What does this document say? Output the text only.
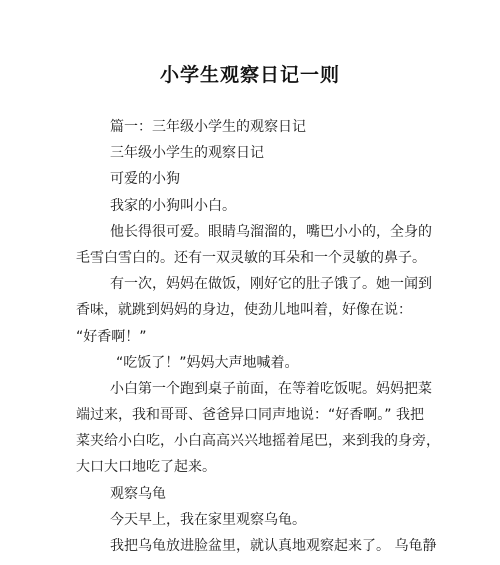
小学生观察日记一则
篇一：三年级小学生的观察日记
三年级小学生的观察日记
可爱的小狗
我家的小狗叫小白。
他长得很可爱。眼睛乌溜溜的，嘴巴小小的，全身的
毛雪白雪白的。还有一双灵敏的耳朵和一个灵敏的鼻子。
有一次，妈妈在做饭，刚好它的肚子饿了。她一闻到
香味，就跳到妈妈的身边，使劲儿地叫着，好像在说：
“好香啊！”
“吃饭了！”妈妈大声地喊着。
小白第一个跑到桌子前面，在等着吃饭呢。妈妈把菜
端过来，我和哥哥、爸爸异口同声地说：“好香啊。” 我把
菜夹给小白吃，小白高高兴兴地摇着尾巴，来到我的身旁，
大口大口地吃了起来。
观察乌龟
今天早上，我在家里观察乌龟。
我把乌龟放进脸盆里，就认真地观察起来了。 乌龟静
